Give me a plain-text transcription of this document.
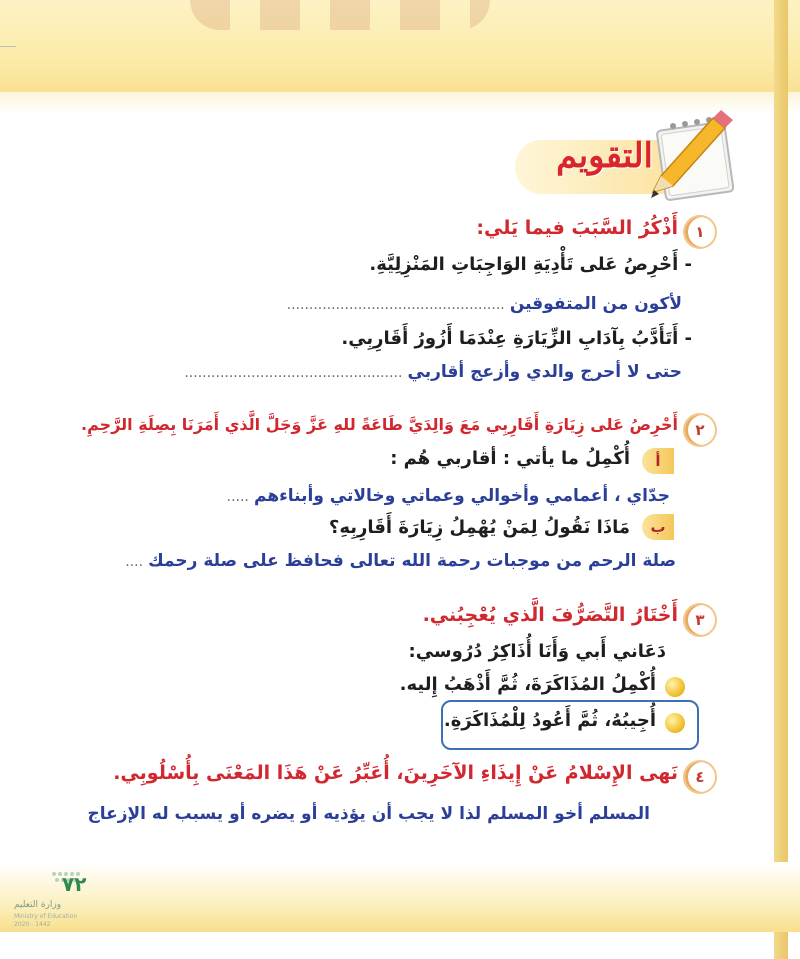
التقويم
١
أَذْكُرُ السَّبَبَ فيما يَلي:
- أَحْرِصُ عَلى تَأْدِيَةِ الوَاجِبَاتِ المَنْزِلِيَّةِ.
لأكون من المتفوقين .................................................
- أَتَأَدَّبُ بِآدَابِ الزِّيَارَةِ عِنْدَمَا أَزُورُ أَقَارِبِي.
حتى لا أحرج والدي وأزعج أقاربي .................................................
٢
أَحْرِصُ عَلى زِيَارَةِ أَقَارِبِي مَعَ وَالِدَيَّ طَاعَةً للهِ عَزَّ وَجَلَّ الَّذي أَمَرَنَا بِصِلَةِ الرَّحِمِ.
أ
أُكْمِلُ ما يأتي : أقاربي هُم :
جدّاي ، أعمامي وأخوالي وعماتي وخالاتي وأبناءهم .....
ب
مَاذَا نَقُولُ لِمَنْ يُهْمِلُ زِيَارَةَ أَقَارِبِهِ؟
صلة الرحم من موجبات رحمة الله تعالى فحافظ على صلة رحمك ....
٣
أَخْتَارُ التَّصَرُّفَ الَّذي يُعْجِبُني.
دَعَاني أَبي وَأَنَا أُذَاكِرُ دُرُوسي:
أُكْمِلُ المُذَاكَرَةَ، ثُمَّ أَذْهَبُ إِليه.
أُجِيبُهُ، ثُمَّ أَعُودُ لِلْمُذَاكَرَةِ.
٤
نَهى الإِسْلامُ عَنْ إِيذَاءِ الآخَرِينَ، أُعَبِّرُ عَنْ هَذَا المَعْنَى بِأُسْلُوبِي.
المسلم أخو المسلم لذا لا يجب أن يؤذيه أو يضره أو يسبب له الإزعاج
٧٢
وزارة التعليم
Ministry of Education
2020 - 1442
